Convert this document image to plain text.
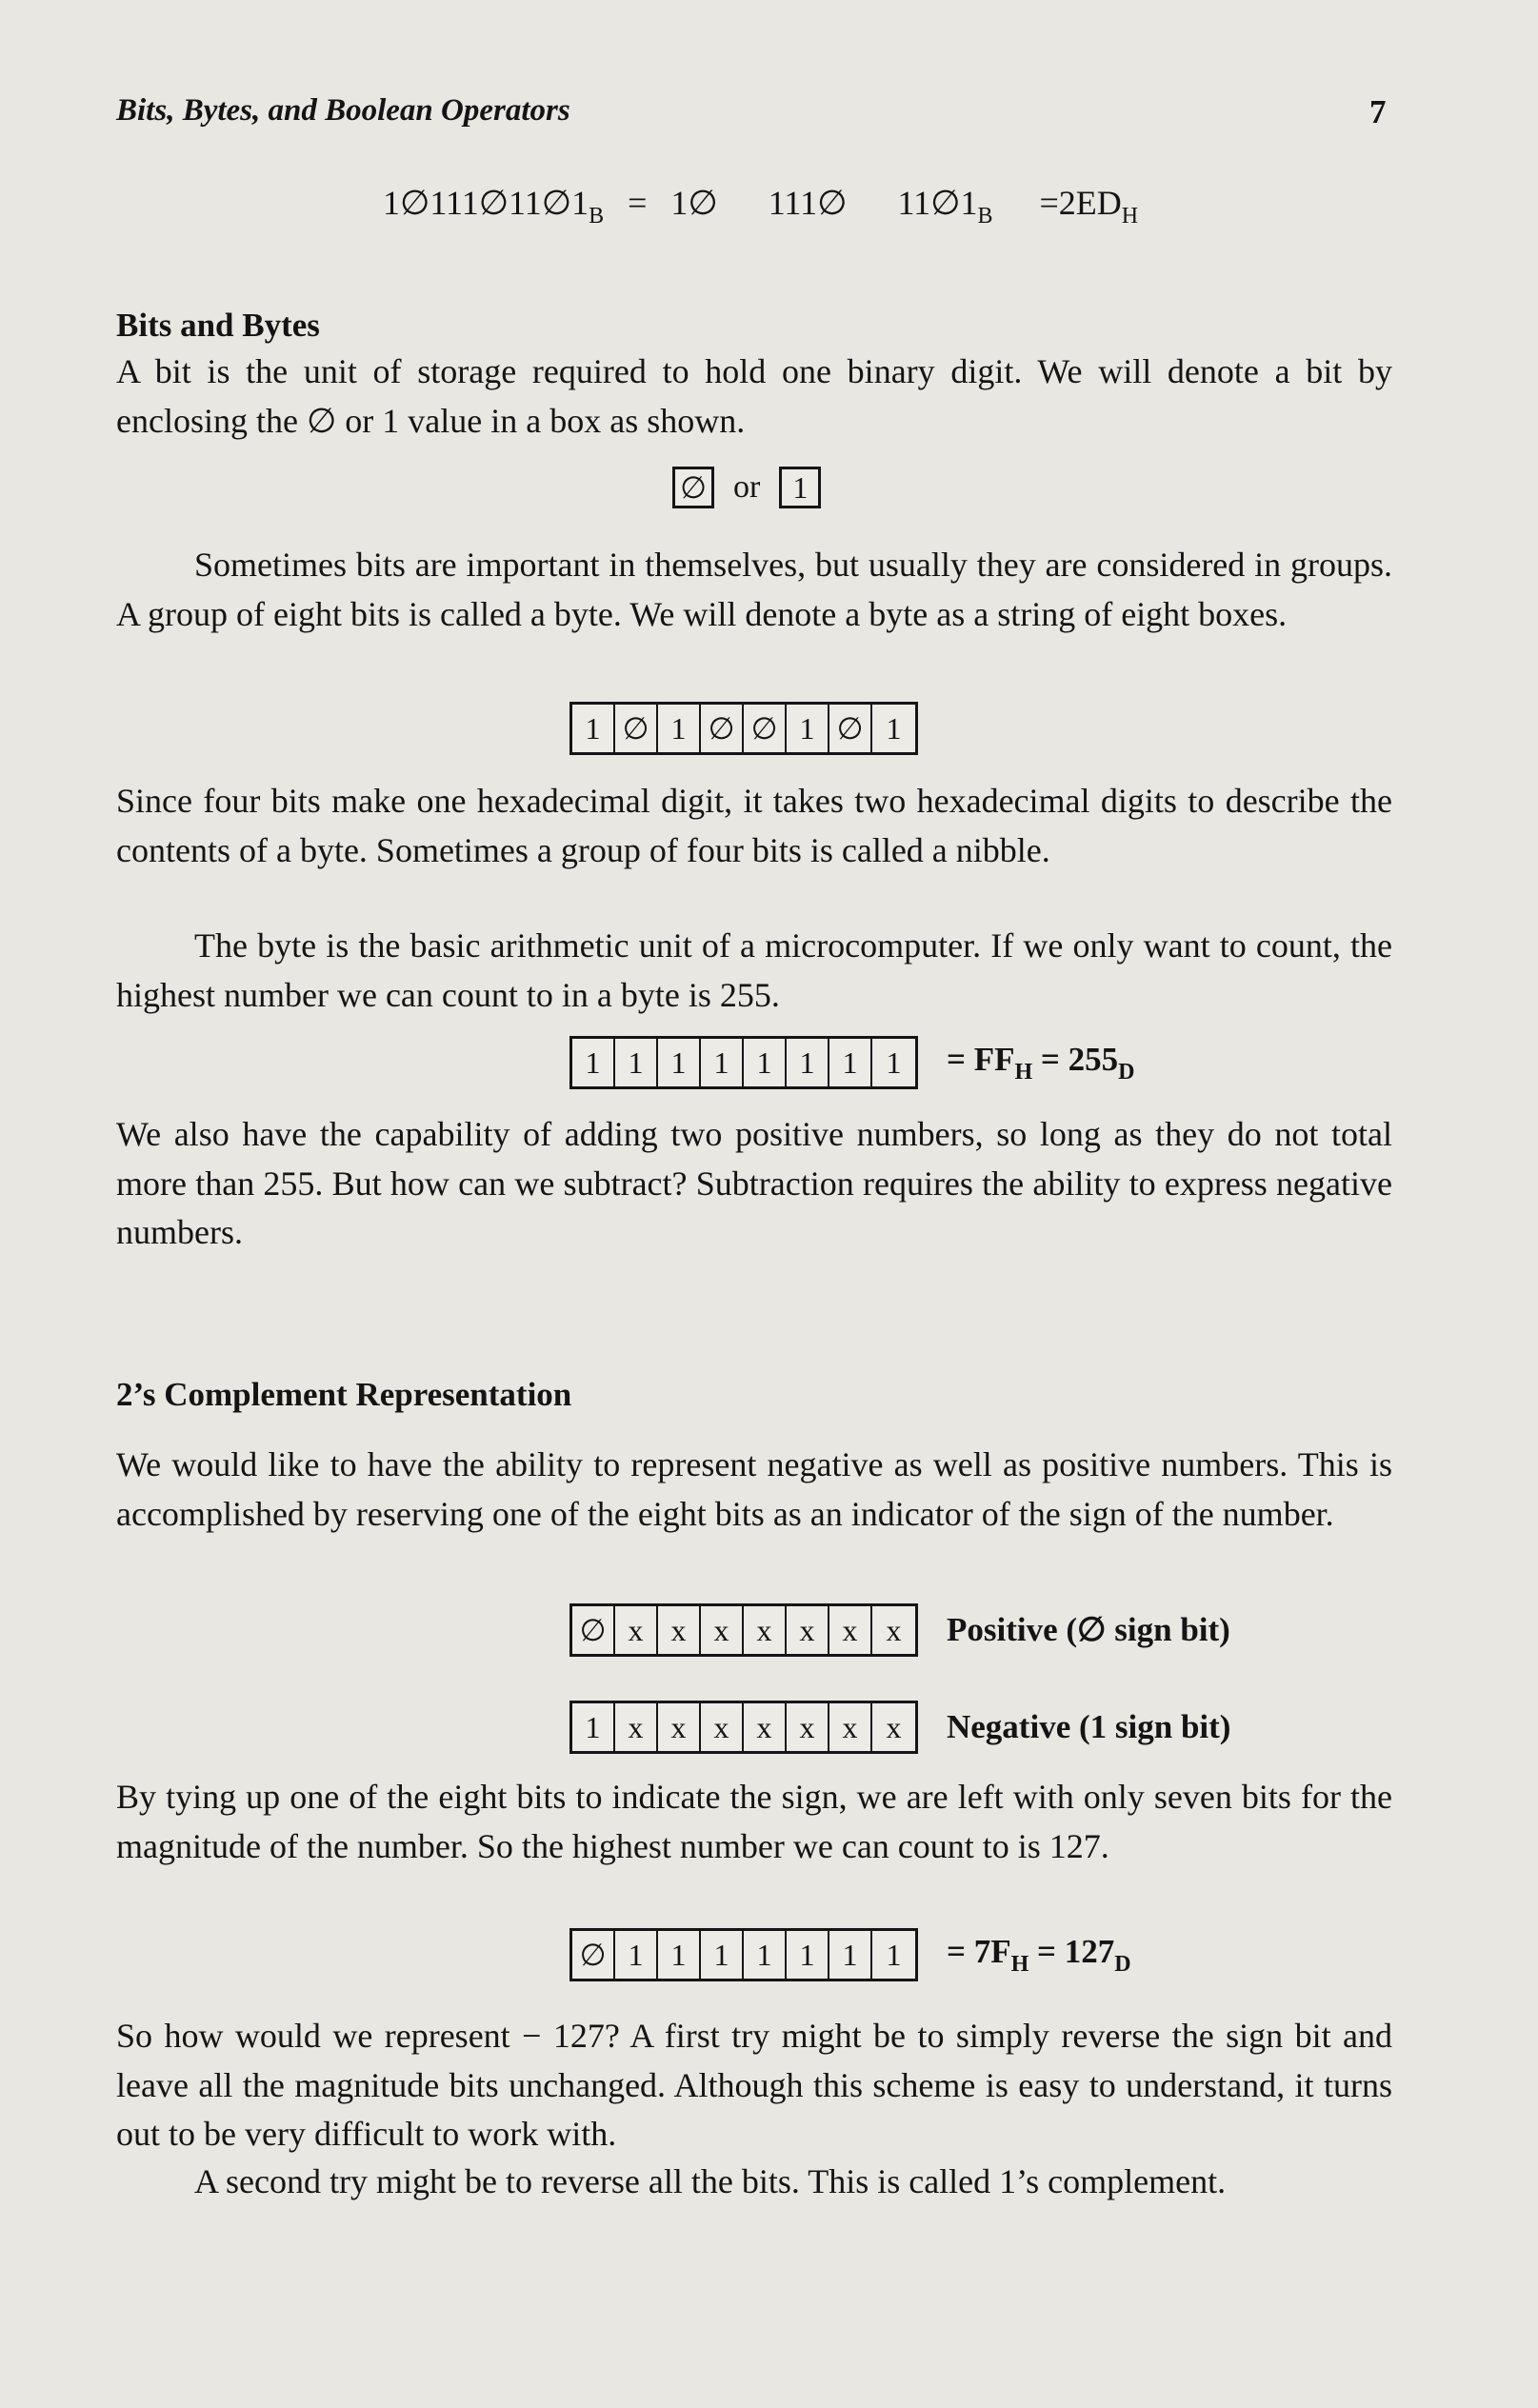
Bits, Bytes, and Boolean Operators	7
$1\emptyset 111\emptyset 11\emptyset 1_B$ = 1∅ 111∅ $11\emptyset 1_B =2ED_H$
Bits and Bytes
A bit is the unit of storage required to hold one binary digit. We will denote a bit by enclosing the ∅ or 1 value in a box as shown.
∅ or	1
Sometimes bits are important in themselves, but usually they are considered in groups. A group of eight bits is called a byte. We will denote a byte as a string of eight boxes.
1 ∅ 1 ∅ ∅ 1 ∅ 1
Since four bits make one hexadecimal digit, it takes two hexadecimal digits to describe the contents of a byte. Sometimes a group of four bits is called a nibble.
The byte is the basic arithmetic unit of a microcomputer. If we only want to count, the highest number we can count to in a byte is 255.
1 1 1 1 1 1 1 1	= $FF_H = 255_D$
We also have the capability of adding two positive numbers, so long as they do not total more than 255. But how can we subtract? Subtraction requires the ability to express negative numbers.
2’s Complement Representation
We would like to have the ability to represent negative as well as positive numbers. This is accomplished by reserving one of the eight bits as an indicator of the sign of the number.
∅ x x x x x x x	Positive (∅ sign bit)
1 x x x x x x x	Negative (1 sign bit)
By tying up one of the eight bits to indicate the sign, we are left with only seven bits for the magnitude of the number. So the highest number we can count to is 127.
∅ 1 1 1 1 1 1 1	= $7F_H = 127_D$
So how would we represent − 127? A first try might be to simply reverse the sign bit and leave all the magnitude bits unchanged. Although this scheme is easy to understand, it turns out to be very difficult to work with.
A second try might be to reverse all the bits. This is called 1’s complement.
